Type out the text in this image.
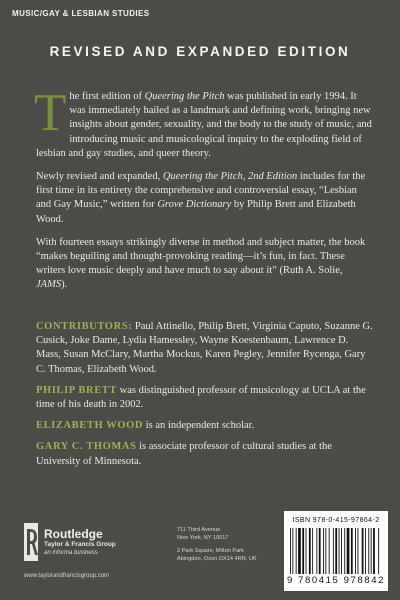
MUSIC/GAY & LESBIAN STUDIES
REVISED AND EXPANDED EDITION

The first edition of Queering the Pitch was published in early 1994. It was immediately hailed as a landmark and defining work, bringing new insights about gender, sexuality, and the body to the study of music, and introducing music and musicological inquiry to the exploding field of lesbian and gay studies, and queer theory.

Newly revised and expanded, Queering the Pitch, 2nd Edition includes for the first time in its entirety the comprehensive and controversial essay, “Lesbian and Gay Music,” written for Grove Dictionary by Philip Brett and Elizabeth Wood.

With fourteen essays strikingly diverse in method and subject matter, the book “makes beguiling and thought-provoking reading—it’s fun, in fact. These writers love music deeply and have much to say about it” (Ruth A. Solie, JAMS).

CONTRIBUTORS: Paul Attinello, Philip Brett, Virginia Caputo, Suzanne G. Cusick, Joke Dame, Lydia Hamessley, Wayne Koestenbaum, Lawrence D. Mass, Susan McClary, Martha Mockus, Karen Pegley, Jennifer Rycenga, Gary C. Thomas, Elizabeth Wood.

PHILIP BRETT was distinguished professor of musicology at UCLA at the time of his death in 2002.

ELIZABETH WOOD is an independent scholar.

GARY C. THOMAS is associate professor of cultural studies at the University of Minnesota.

Routledge
Taylor & Francis Group
an informa business
www.taylorandfrancisgroup.com
711 Third Avenue
New York, NY 10017
2 Park Square, Milton Park
Abingdon, Oxon OX14 4RN, UK
ISBN 978-0-415-97864-2
9 780415 978842
